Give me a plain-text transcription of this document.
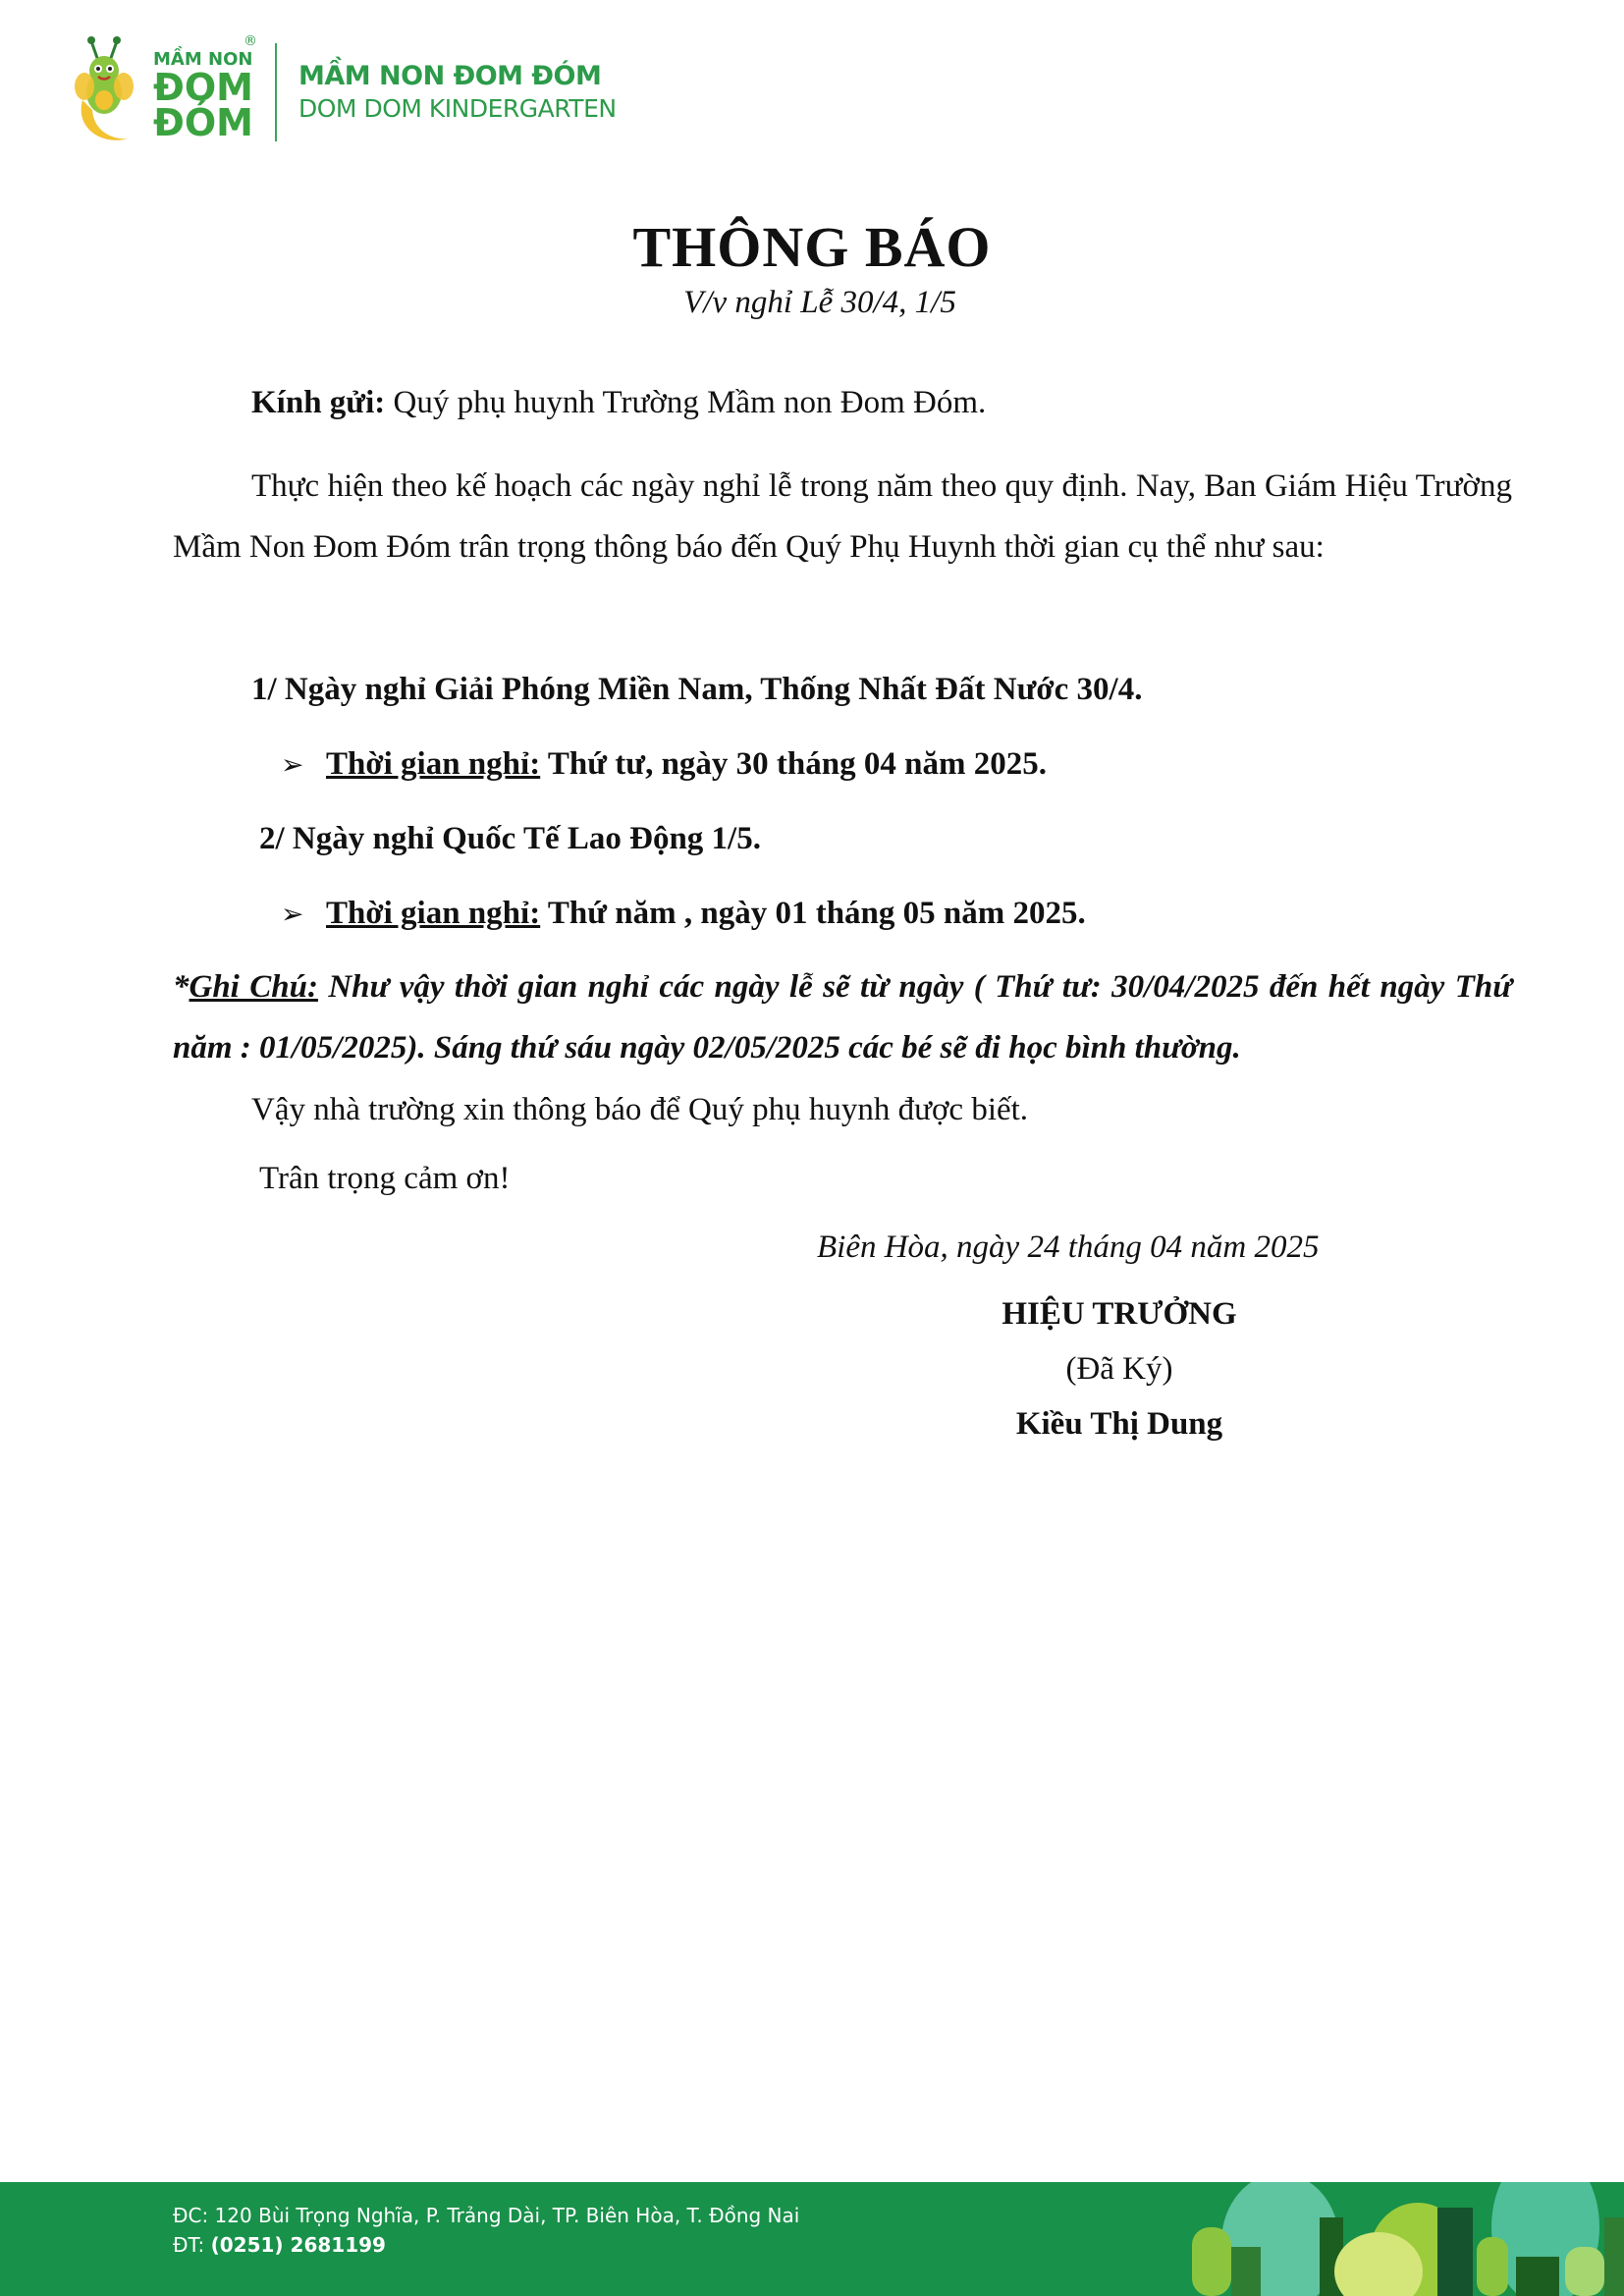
MẦM NON
ĐOM
ĐÓM
®
MẦM NON ĐOM ĐÓM
DOM DOM KINDERGARTEN
THÔNG BÁO
V/v nghỉ Lễ 30/4, 1/5
Kính gửi: Quý phụ huynh Trường Mầm non Đom Đóm.
Thực hiện theo kế hoạch các ngày nghỉ lễ trong năm theo quy định. Nay, Ban Giám Hiệu Trường Mầm Non Đom Đóm trân trọng thông báo đến Quý Phụ Huynh thời gian cụ thể như sau:
1/ Ngày nghỉ Giải Phóng Miền Nam, Thống Nhất Đất Nước 30/4.
➢ Thời gian nghỉ: Thứ tư, ngày 30 tháng 04 năm 2025.
2/ Ngày nghỉ Quốc Tế Lao Động 1/5.
➢ Thời gian nghỉ: Thứ năm , ngày 01 tháng 05 năm 2025.
*Ghi Chú: Như vậy thời gian nghỉ các ngày lễ sẽ từ ngày ( Thứ tư: 30/04/2025 đến hết ngày Thứ năm : 01/05/2025). Sáng thứ sáu ngày 02/05/2025 các bé sẽ đi học bình thường.
Vậy nhà trường xin thông báo để Quý phụ huynh được biết.
Trân trọng cảm ơn!
Biên Hòa, ngày 24 tháng 04 năm 2025
HIỆU TRƯỞNG
(Đã Ký)
Kiều Thị Dung
ĐC: 120 Bùi Trọng Nghĩa, P. Trảng Dài, TP. Biên Hòa, T. Đồng Nai
ĐT: (0251) 2681199
